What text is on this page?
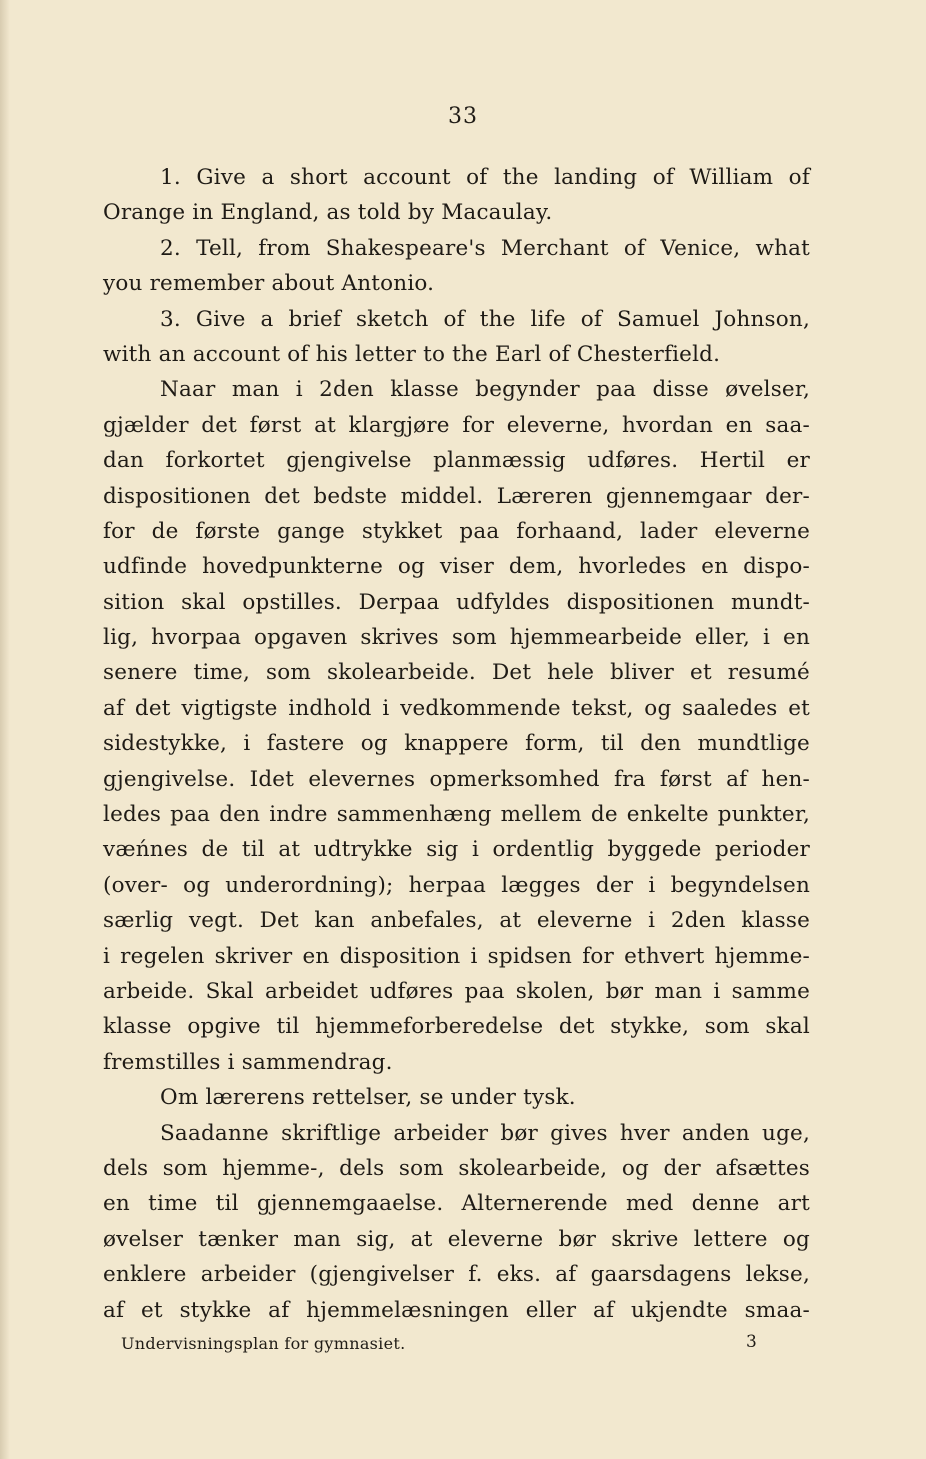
33
1. Give a short account of the landing of William of
Orange in England, as told by Macaulay.
2. Tell, from Shakespeare's Merchant of Venice, what
you remember about Antonio.
3. Give a brief sketch of the life of Samuel Johnson,
with an account of his letter to the Earl of Chesterfield.
Naar man i 2den klasse begynder paa disse øvelser,
gjælder det først at klargjøre for eleverne, hvordan en saa-
dan forkortet gjengivelse planmæssig udføres. Hertil er
dispositionen det bedste middel. Læreren gjennemgaar der-
for de første gange stykket paa forhaand, lader eleverne
udfinde hovedpunkterne og viser dem, hvorledes en dispo-
sition skal opstilles. Derpaa udfyldes dispositionen mundt-
lig, hvorpaa opgaven skrives som hjemmearbeide eller, i en
senere time, som skolearbeide. Det hele bliver et resumé
af det vigtigste indhold i vedkommende tekst, og saaledes et
sidestykke, i fastere og knappere form, til den mundtlige
gjengivelse. Idet elevernes opmerksomhed fra først af hen-
ledes paa den indre sammenhæng mellem de enkelte punkter,
væńnes de til at udtrykke sig i ordentlig byggede perioder
(over- og underordning); herpaa lægges der i begyndelsen
særlig vegt. Det kan anbefales, at eleverne i 2den klasse
i regelen skriver en disposition i spidsen for ethvert hjemme-
arbeide. Skal arbeidet udføres paa skolen, bør man i samme
klasse opgive til hjemmeforberedelse det stykke, som skal
fremstilles i sammendrag.
Om lærerens rettelser, se under tysk.
Saadanne skriftlige arbeider bør gives hver anden uge,
dels som hjemme-, dels som skolearbeide, og der afsættes
en time til gjennemgaaelse. Alternerende med denne art
øvelser tænker man sig, at eleverne bør skrive lettere og
enklere arbeider (gjengivelser f. eks. af gaarsdagens lekse,
af et stykke af hjemmelæsningen eller af ukjendte smaa-
Undervisningsplan for gymnasiet.	3
